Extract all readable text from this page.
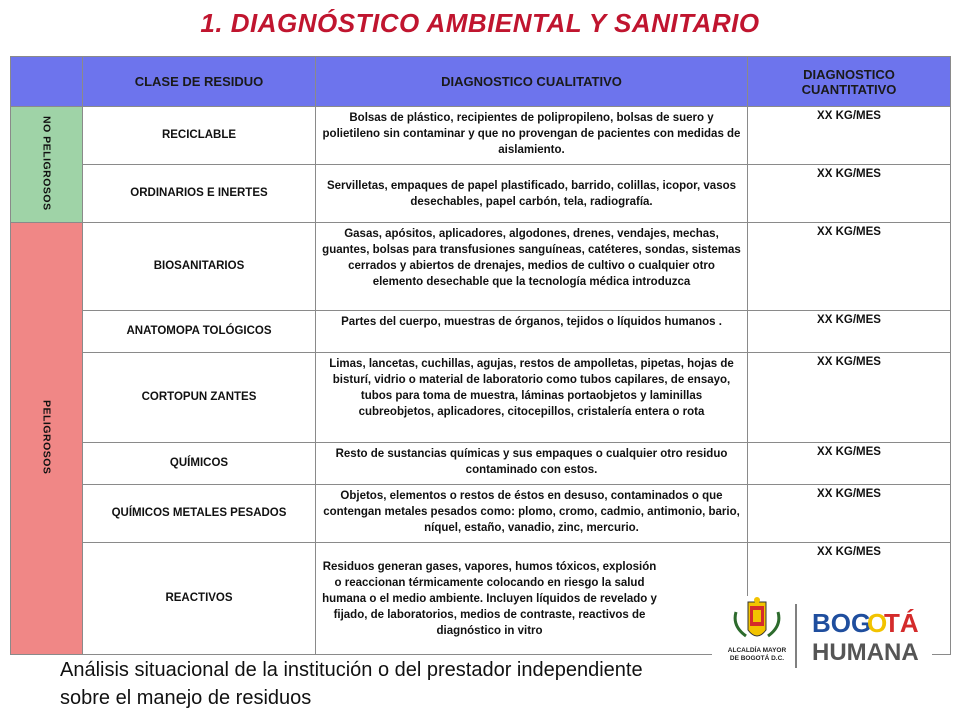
1. DIAGNÓSTICO AMBIENTAL Y SANITARIO
	CLASE DE RESIDUO	DIAGNOSTICO CUALITATIVO	DIAGNOSTICO CUANTITATIVO
NO PELIGROSOS	RECICLABLE	Bolsas de plástico, recipientes de polipropileno, bolsas de suero y polietileno sin contaminar y que no provengan de pacientes con medidas de aislamiento.	XX KG/MES
	ORDINARIOS E INERTES	Servilletas, empaques de papel plastificado, barrido, colillas, icopor, vasos desechables, papel carbón, tela, radiografía.	XX KG/MES
PELIGROSOS	BIOSANITARIOS	Gasas, apósitos, aplicadores, algodones, drenes, vendajes, mechas, guantes, bolsas para transfusiones sanguíneas, catéteres, sondas, sistemas cerrados y abiertos de drenajes, medios de cultivo o cualquier otro elemento desechable que la tecnología médica introduzca	XX KG/MES
	ANATOMOPA TOLÓGICOS	Partes del cuerpo, muestras de órganos, tejidos o líquidos humanos .	XX KG/MES
	CORTOPUN ZANTES	Limas, lancetas, cuchillas, agujas, restos de ampolletas, pipetas, hojas de bisturí, vidrio o material de laboratorio como tubos capilares, de ensayo, tubos para toma de muestra, láminas portaobjetos y laminillas cubreobjetos, aplicadores, citocepillos, cristalería entera o rota	XX KG/MES
	QUÍMICOS	Resto de sustancias químicas y sus empaques o cualquier otro residuo contaminado con estos.	XX KG/MES
	QUÍMICOS METALES PESADOS	Objetos, elementos o restos de éstos en desuso, contaminados o que contengan metales pesados como: plomo, cromo, cadmio, antimonio, bario, níquel, estaño, vanadio, zinc, mercurio.	XX KG/MES
	REACTIVOS	Residuos generan gases, vapores, humos tóxicos, explosión o reaccionan térmicamente colocando en riesgo la salud humana o el medio ambiente. Incluyen líquidos de revelado y fijado, de laboratorios, medios de contraste, reactivos de diagnóstico in vitro	XX KG/MES
Análisis situacional de la institución o del prestador independiente sobre el manejo de residuos
ALCALDÍA MAYOR
DE BOGOTÁ D.C.
BOG
O
TÁ
HUMANA
